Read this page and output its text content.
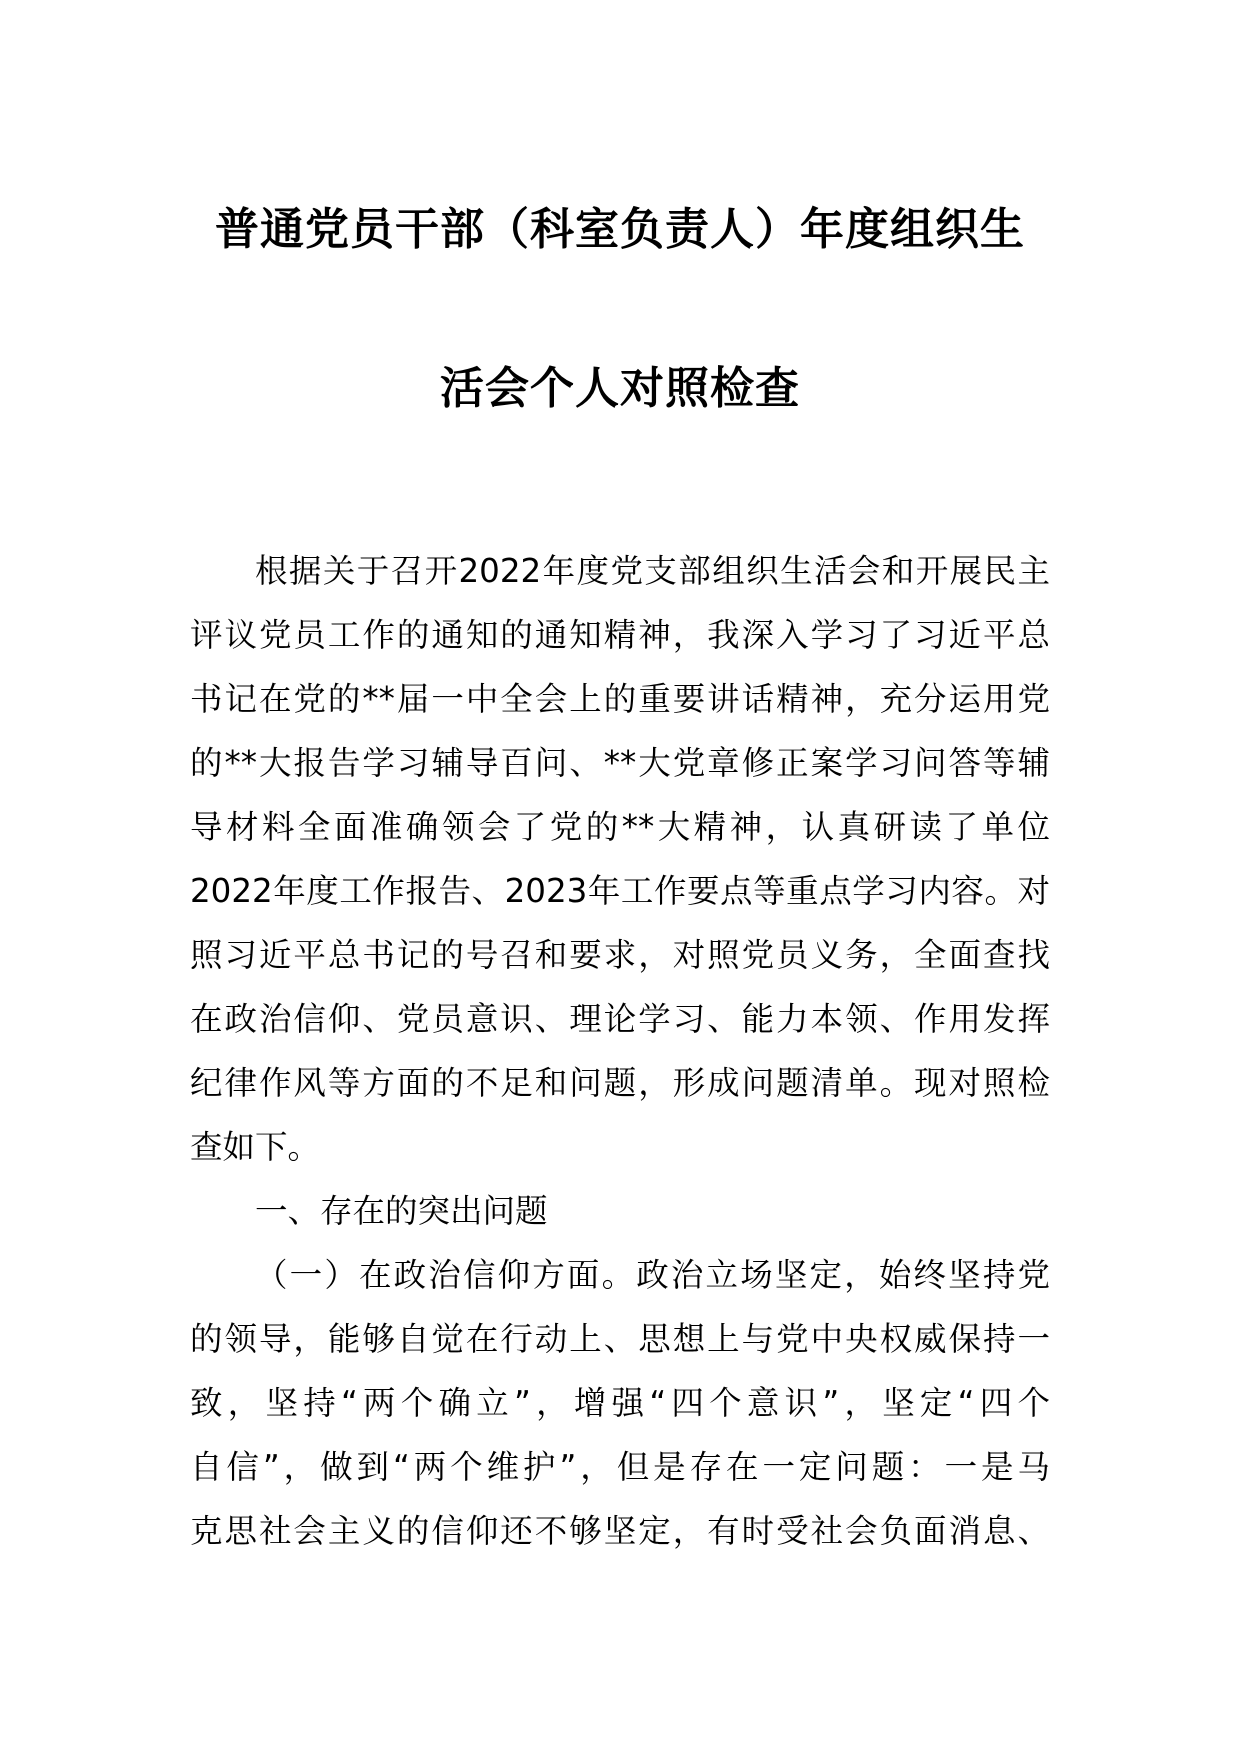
普通党员干部（科室负责人）年度组织生
活会个人对照检查
根据关于召开2022年度党支部组织生活会和开展民主
评议党员工作的通知的通知精神，我深入学习了习近平总
书记在党的**届一中全会上的重要讲话精神，充分运用党
的**大报告学习辅导百问、**大党章修正案学习问答等辅
导材料全面准确领会了党的**大精神，认真研读了单位
2022年度工作报告、2023年工作要点等重点学习内容。对
照习近平总书记的号召和要求，对照党员义务，全面查找
在政治信仰、党员意识、理论学习、能力本领、作用发挥
纪律作风等方面的不足和问题，形成问题清单。现对照检
查如下。
一、存在的突出问题
（一）在政治信仰方面。政治立场坚定，始终坚持党
的领导，能够自觉在行动上、思想上与党中央权威保持一
致，坚持“两个确立”，增强“四个意识”，坚定“四个
自信”，做到“两个维护”，但是存在一定问题：一是马
克思社会主义的信仰还不够坚定，有时受社会负面消息、
